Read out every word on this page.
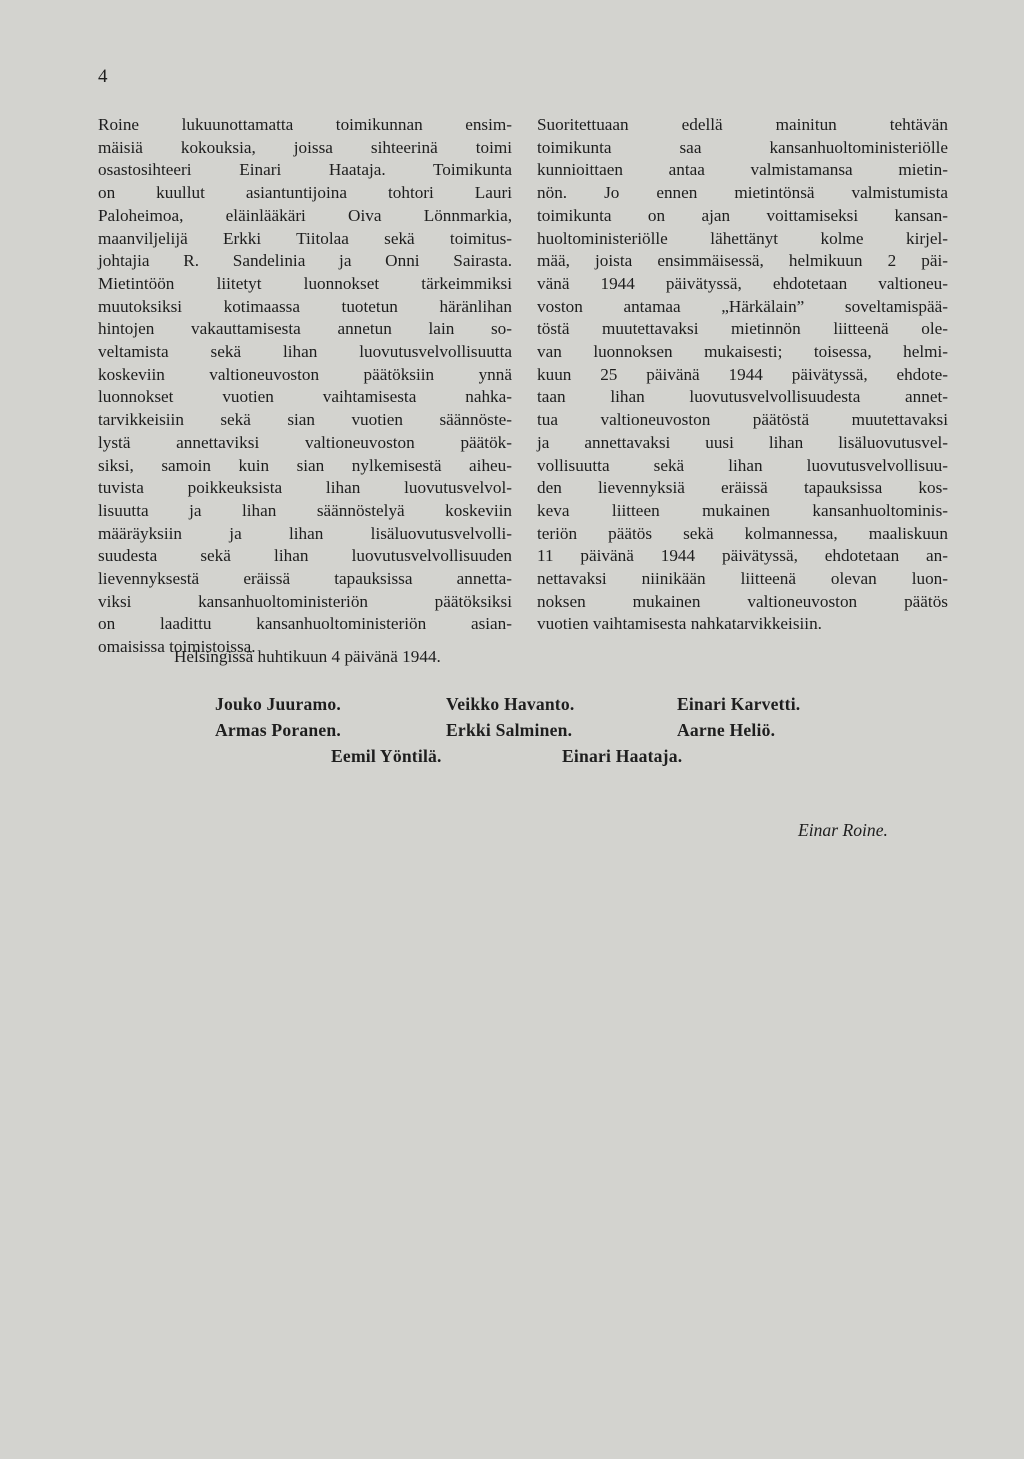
4
Roine lukuunottamatta toimikunnan ensim-
mäisiä kokouksia, joissa sihteerinä toimi
osastosihteeri Einari Haataja. Toimikunta
on kuullut asiantuntijoina tohtori Lauri
Paloheimoa, eläinlääkäri Oiva Lönnmarkia,
maanviljelijä Erkki Tiitolaa sekä toimitus-
johtajia R. Sandelinia ja Onni Sairasta.
Mietintöön liitetyt luonnokset tärkeimmiksi
muutoksiksi kotimaassa tuotetun häränlihan
hintojen vakauttamisesta annetun lain so-
veltamista sekä lihan luovutusvelvollisuutta
koskeviin valtioneuvoston päätöksiin ynnä
luonnokset vuotien vaihtamisesta nahka-
tarvikkeisiin sekä sian vuotien säännöste-
lystä annettaviksi valtioneuvoston päätök-
siksi, samoin kuin sian nylkemisestä aiheu-
tuvista poikkeuksista lihan luovutusvelvol-
lisuutta ja lihan säännöstelyä koskeviin
määräyksiin ja lihan lisäluovutusvelvolli-
suudesta sekä lihan luovutusvelvollisuuden
lievennyksestä eräissä tapauksissa annetta-
viksi kansanhuoltoministeriön päätöksiksi
on laadittu kansanhuoltoministeriön asian-
omaisissa toimistoissa.
Suoritettuaan edellä mainitun tehtävän
toimikunta saa kansanhuoltoministeriölle
kunnioittaen antaa valmistamansa mietin-
nön. Jo ennen mietintönsä valmistumista
toimikunta on ajan voittamiseksi kansan-
huoltoministeriölle lähettänyt kolme kirjel-
mää, joista ensimmäisessä, helmikuun 2 päi-
vänä 1944 päivätyssä, ehdotetaan valtioneu-
voston antamaa „Härkälain” soveltamispää-
töstä muutettavaksi mietinnön liitteenä ole-
van luonnoksen mukaisesti; toisessa, helmi-
kuun 25 päivänä 1944 päivätyssä, ehdote-
taan lihan luovutusvelvollisuudesta annet-
tua valtioneuvoston päätöstä muutettavaksi
ja annettavaksi uusi lihan lisäluovutusvel-
vollisuutta sekä lihan luovutusvelvollisuu-
den lievennyksiä eräissä tapauksissa kos-
keva liitteen mukainen kansanhuoltominis-
teriön päätös sekä kolmannessa, maaliskuun
11 päivänä 1944 päivätyssä, ehdotetaan an-
nettavaksi niinikään liitteenä olevan luon-
noksen mukainen valtioneuvoston päätös
vuotien vaihtamisesta nahkatarvikkeisiin.
Helsingissä huhtikuun 4 päivänä 1944.
Jouko Juuramo.	Veikko Havanto.	Einari Karvetti.
Armas Poranen.	Erkki Salminen.	Aarne Heliö.
Eemil Yöntilä.	Einari Haataja.
Einar Roine.
